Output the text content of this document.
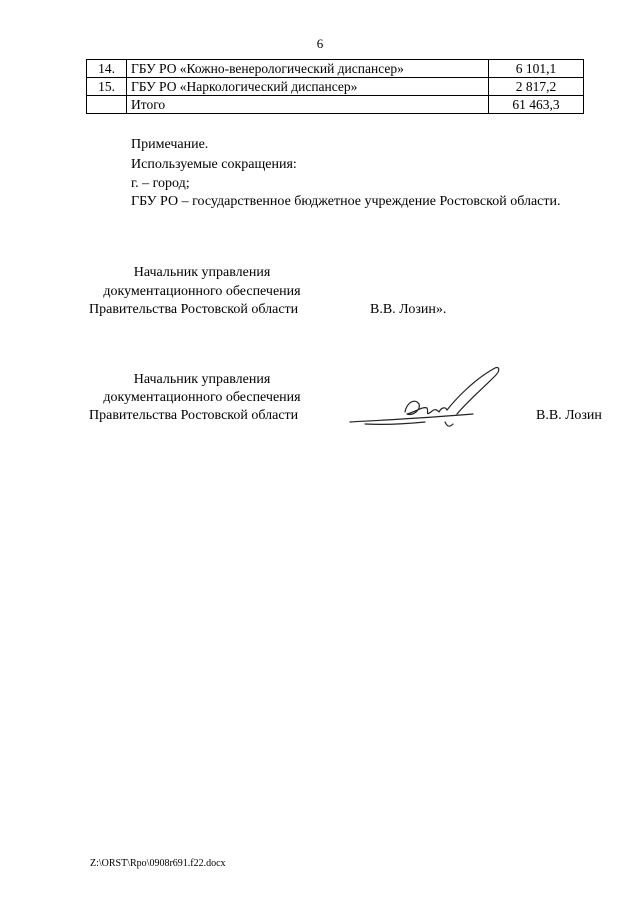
6
14.	ГБУ РО «Кожно-венерологический диспансер»	6 101,1
15.	ГБУ РО «Наркологический диспансер»	2 817,2
	Итого	61 463,3
Примечание.
Используемые сокращения:
г. – город;
ГБУ РО – государственное бюджетное учреждение Ростовской области.
Начальник управления
документационного обеспечения
Правительства Ростовской области	В.В. Лозин».
Начальник управления
документационного обеспечения
Правительства Ростовской области	В.В. Лозин
Z:\ORST\Rpo\0908r691.f22.docx
